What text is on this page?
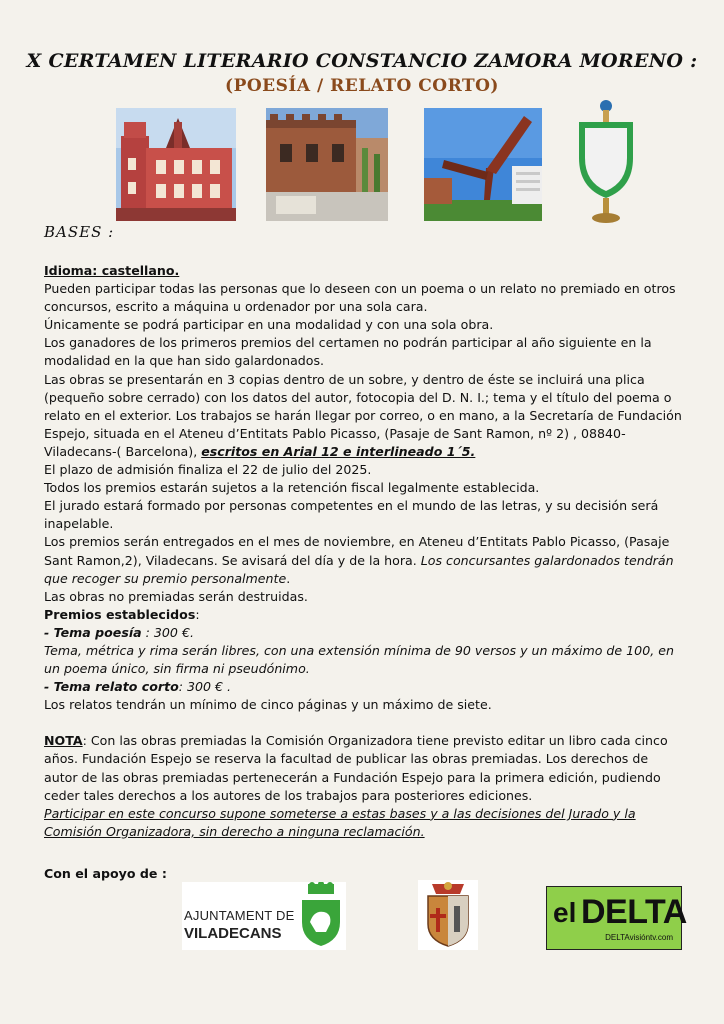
X CERTAMEN LITERARIO CONSTANCIO ZAMORA MORENO :
(POESÍA / RELATO CORTO)
BASES :

Idioma: castellano.

Pueden participar todas las personas que lo deseen con un poema o un relato no premiado en otros concursos, escrito a máquina u ordenador por una sola cara.

Únicamente se podrá participar en una modalidad y con una sola obra.

Los ganadores de los primeros premios del certamen no podrán participar al año siguiente en la modalidad en la que han sido galardonados.

Las obras se presentarán en 3 copias dentro de un sobre, y dentro de éste se incluirá una plica (pequeño sobre cerrado) con los datos del autor, fotocopia del D. N. I.; tema y el título del poema o relato en el exterior. Los trabajos se harán llegar por correo, o en mano, a la Secretaría de Fundación Espejo, situada en el Ateneu d’Entitats Pablo Picasso, (Pasaje de Sant Ramon, nº 2) , 08840-Viladecans-( Barcelona), escritos en Arial 12 e interlineado 1´5.

El plazo de admisión finaliza el 22 de julio del 2025.

Todos los premios estarán sujetos a la retención fiscal legalmente establecida.

El jurado estará formado por personas competentes en el mundo de las letras, y su decisión será inapelable.

Los premios serán entregados en el mes de noviembre, en Ateneu d’Entitats Pablo Picasso, (Pasaje Sant Ramon,2), Viladecans. Se avisará del día y de la hora. Los concursantes galardonados tendrán que recoger su premio personalmente.

Las obras no premiadas serán destruidas.

Premios establecidos:

- Tema poesía : 300 €.

Tema, métrica y rima serán libres, con una extensión mínima de 90 versos y un máximo de 100, en un poema único, sin firma ni pseudónimo.

- Tema relato corto: 300 € .

Los relatos tendrán un mínimo de cinco páginas y un máximo de siete.

NOTA: Con las obras premiadas la Comisión Organizadora tiene previsto editar un libro cada cinco años. Fundación Espejo se reserva la facultad de publicar las obras premiadas. Los derechos de autor de las obras premiadas pertenecerán a Fundación Espejo para la primera edición, pudiendo ceder tales derechos a los autores de los trabajos para posteriores ediciones.

Participar en este concurso supone someterse a estas bases y a las decisiones del Jurado y la Comisión Organizadora, sin derecho a ninguna reclamación.

Con el apoyo de :
AJUNTAMENT DE
VILADECANS
el DELTA
DELTAvisióntv.com
